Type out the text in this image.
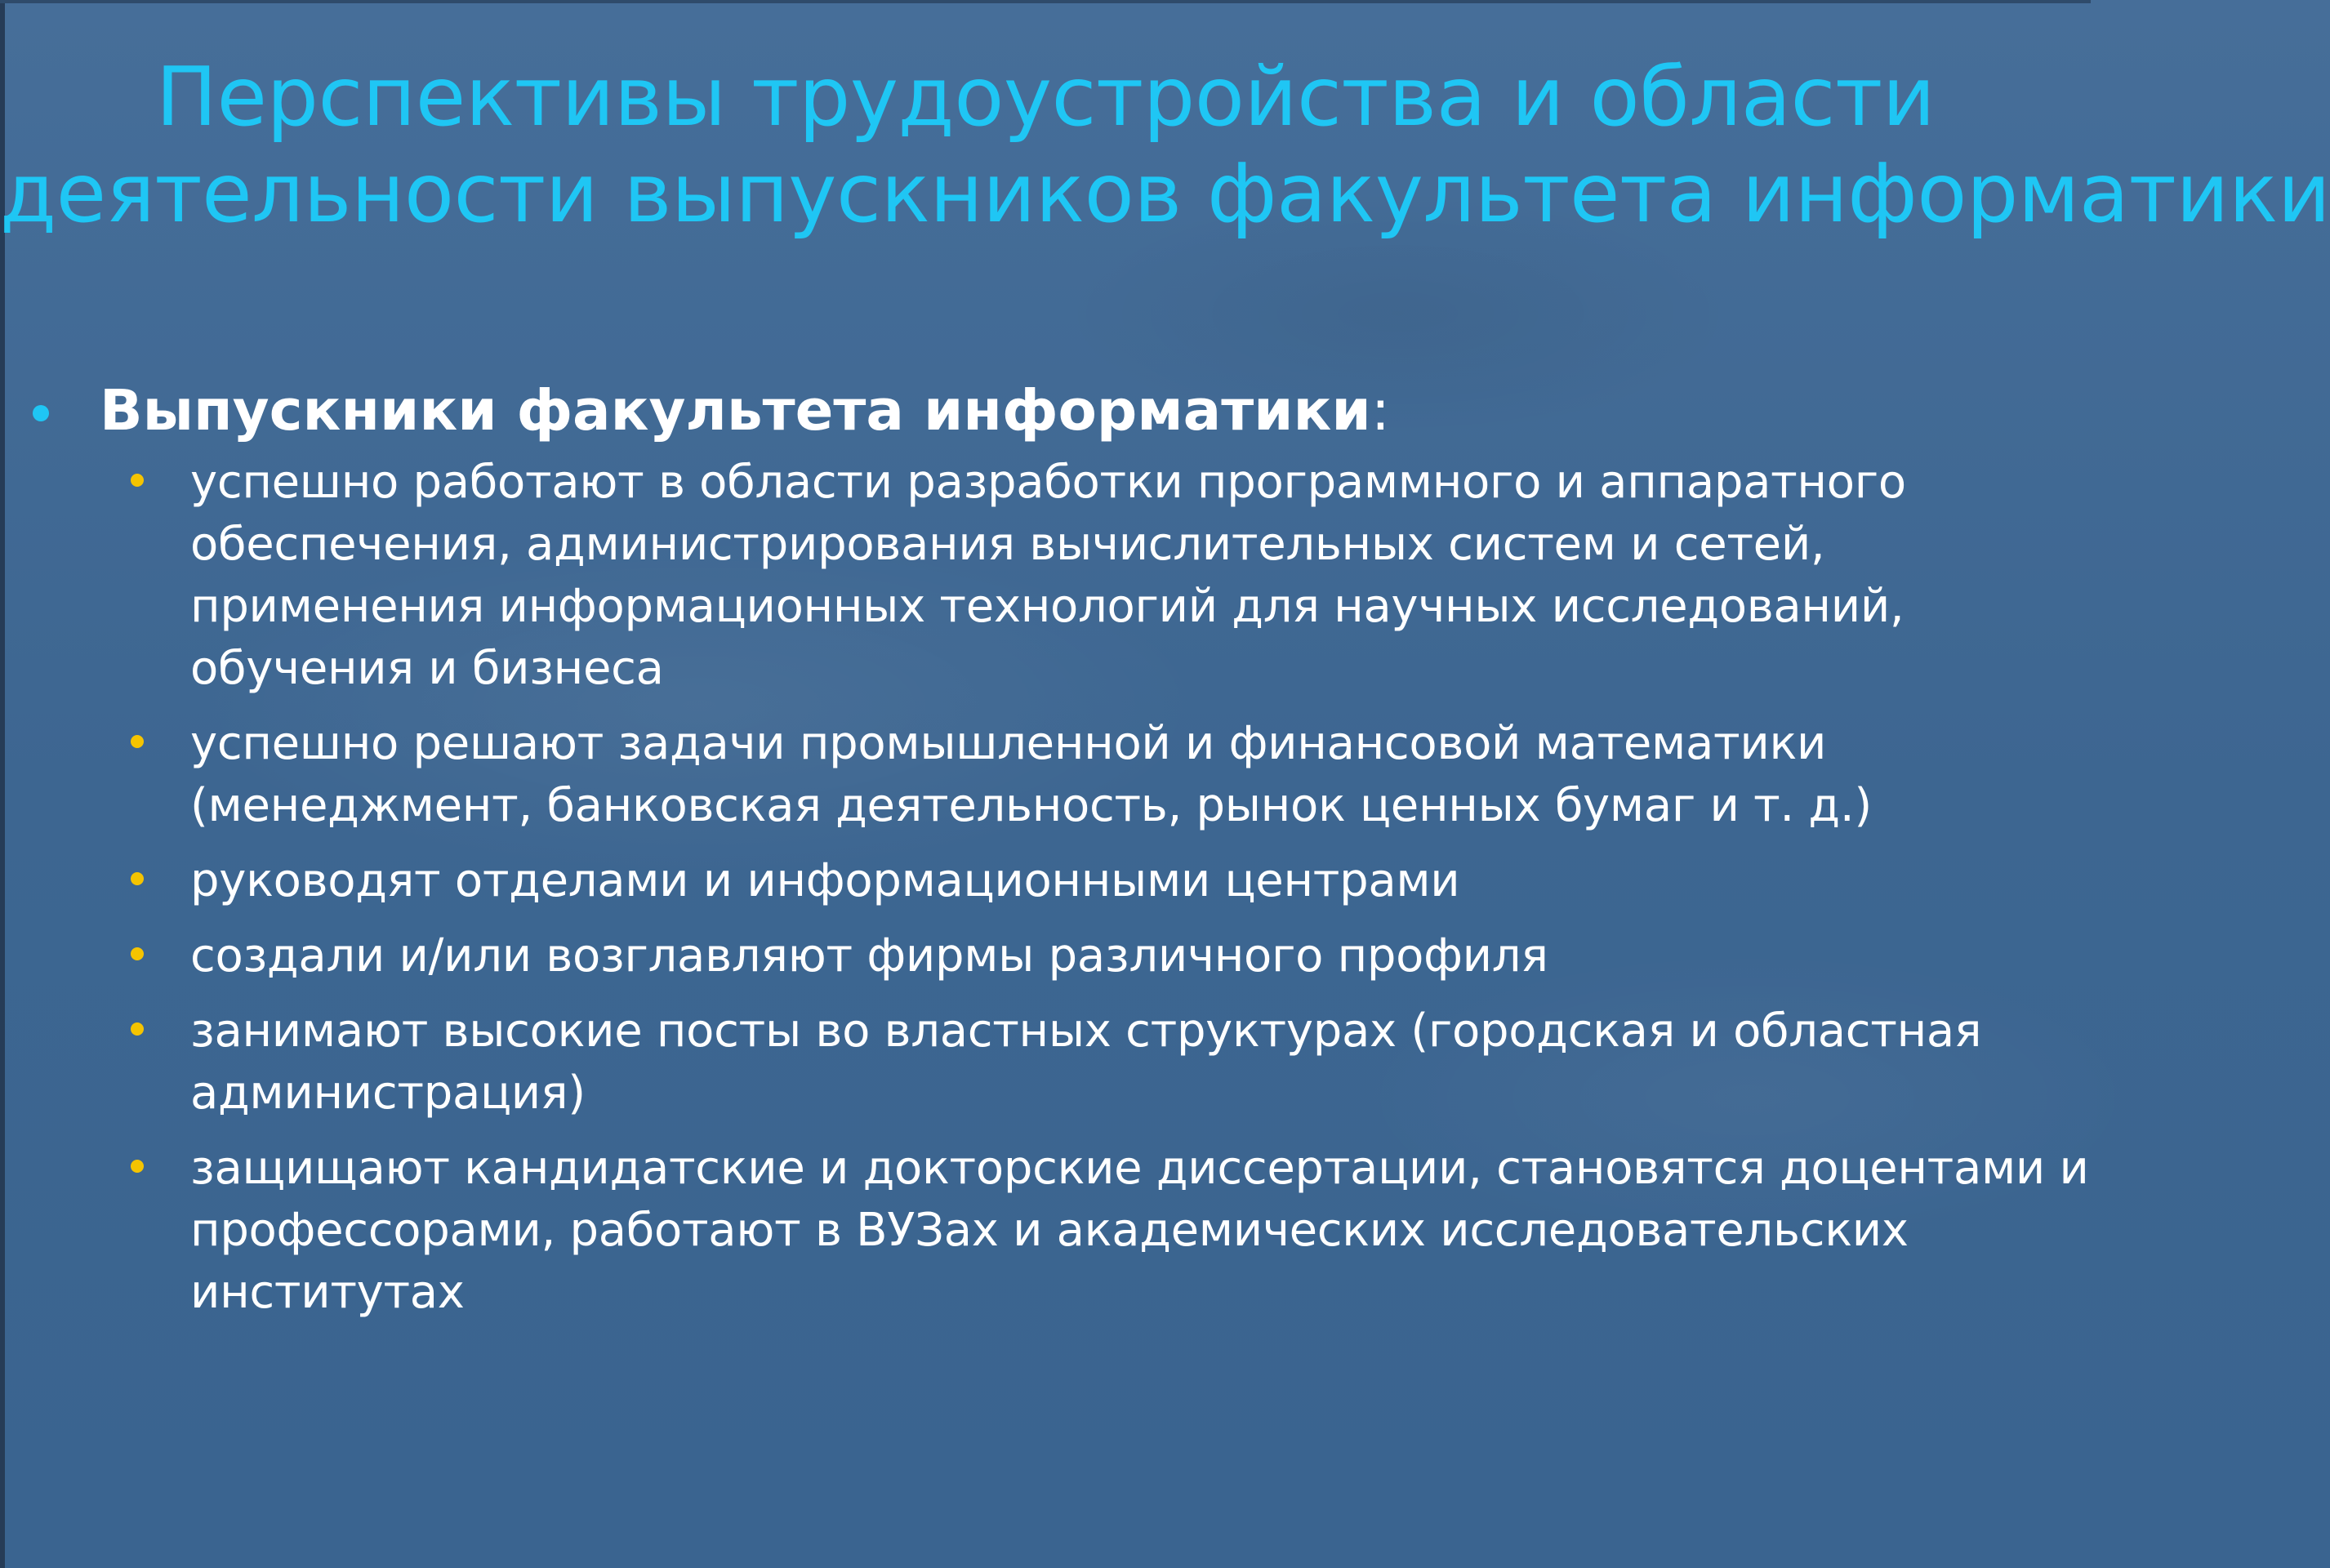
Перспективы трудоустройства и области
деятельности выпускников факультета информатики
Выпускники факультета информатики:
успешно работают в области разработки программного и аппаратного
обеспечения, администрирования вычислительных систем и сетей,
применения информационных технологий для научных исследований,
обучения и бизнеса
успешно решают задачи промышленной и финансовой математики
(менеджмент, банковская деятельность, рынок ценных бумаг и т. д.)
руководят отделами и информационными центрами
создали и/или возглавляют фирмы различного профиля
занимают высокие посты во властных структурах (городская и областная
администрация)
защищают кандидатские и докторские диссертации, становятся доцентами и
профессорами, работают в ВУЗах и академических исследовательских
институтах
